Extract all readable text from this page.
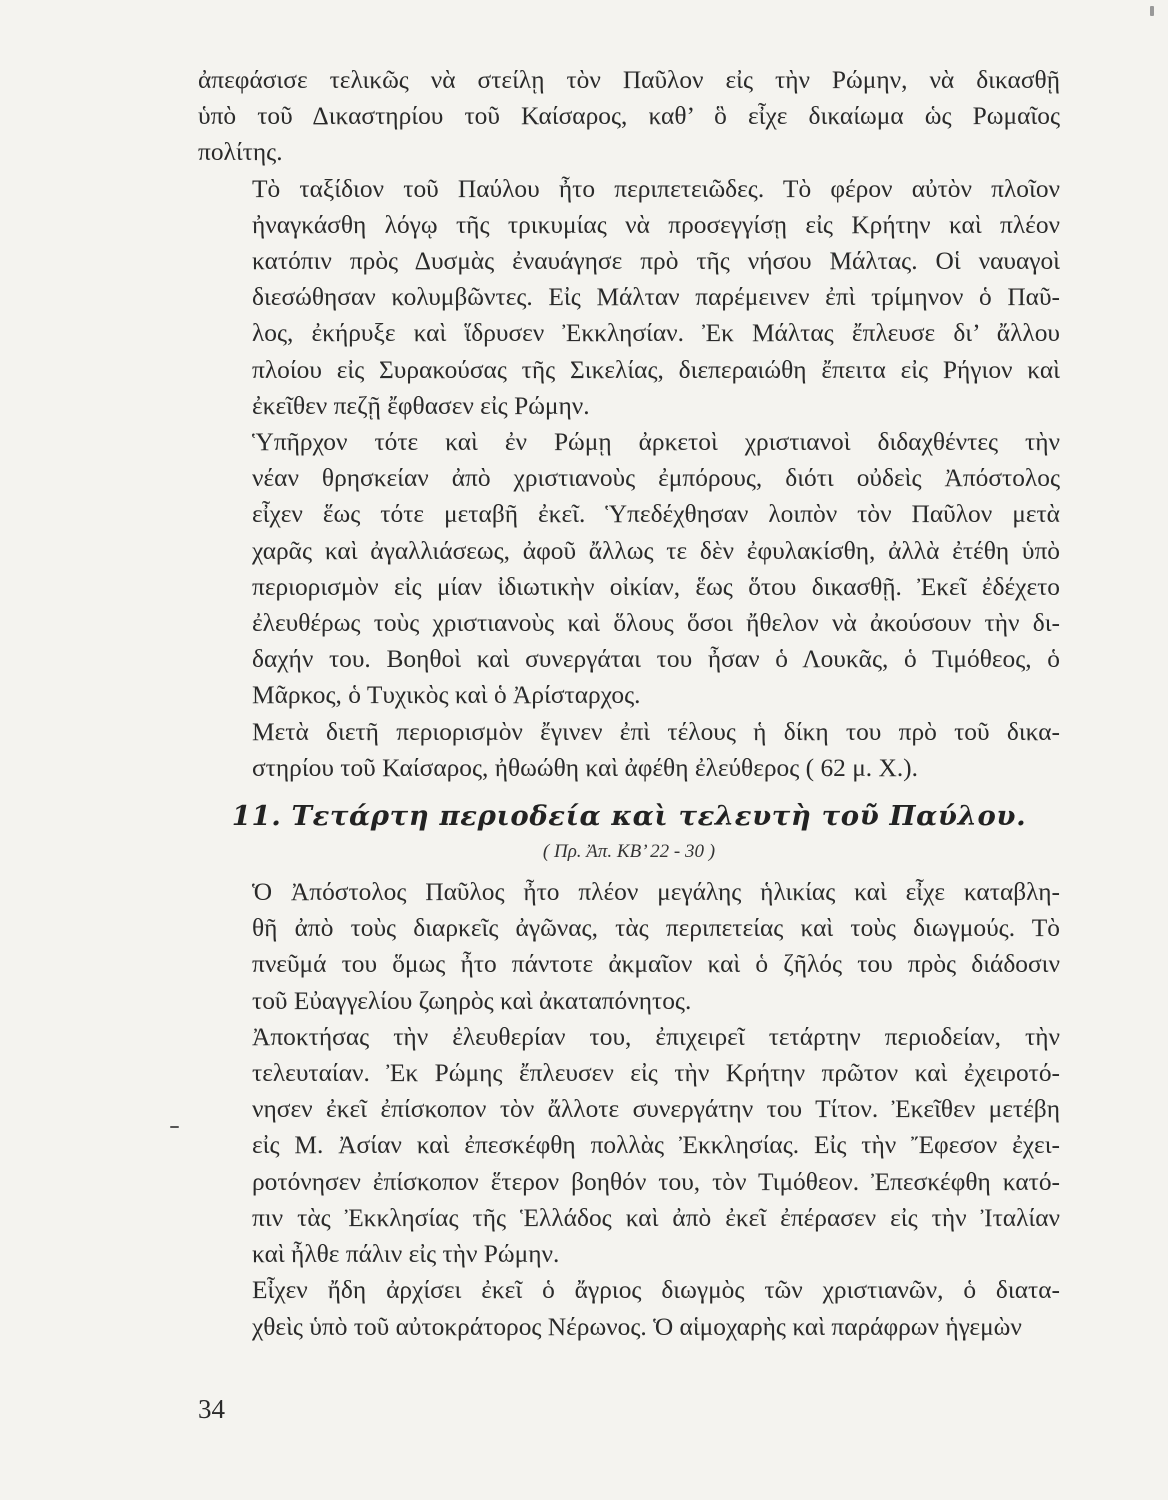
ἀπεφάσισε τελικῶς νὰ στείλῃ τὸν Παῦλον εἰς τὴν Ρώμην, νὰ δικασθῇ
ὑπὸ τοῦ Δικαστηρίου τοῦ Καίσαρος, καθ’ ὃ εἶχε δικαίωμα ὡς Ρωμαῖος
πολίτης.

Τὸ ταξίδιον τοῦ Παύλου ἦτο περιπετειῶδες. Τὸ φέρον αὐτὸν πλοῖον
ἠναγκάσθη λόγῳ τῆς τρικυμίας νὰ προσεγγίσῃ εἰς Κρήτην καὶ πλέον
κατόπιν πρὸς Δυσμὰς ἐναυάγησε πρὸ τῆς νήσου Μάλτας. Οἱ ναυαγοὶ
διεσώθησαν κολυμβῶντες. Εἰς Μάλταν παρέμεινεν ἐπὶ τρίμηνον ὁ Παῦ-
λος, ἐκήρυξε καὶ ἵδρυσεν Ἐκκλησίαν. Ἐκ Μάλτας ἔπλευσε δι’ ἄλλου
πλοίου εἰς Συρακούσας τῆς Σικελίας, διεπεραιώθη ἔπειτα εἰς Ρήγιον καὶ
ἐκεῖθεν πεζῇ ἔφθασεν εἰς Ρώμην.

Ὑπῆρχον τότε καὶ ἐν Ρώμῃ ἀρκετοὶ χριστιανοὶ διδαχθέντες τὴν
νέαν θρησκείαν ἀπὸ χριστιανοὺς ἐμπόρους, διότι οὐδεὶς Ἀπόστολος
εἶχεν ἕως τότε μεταβῆ ἐκεῖ. Ὑπεδέχθησαν λοιπὸν τὸν Παῦλον μετὰ
χαρᾶς καὶ ἀγαλλιάσεως, ἀφοῦ ἄλλως τε δὲν ἐφυλακίσθη, ἀλλὰ ἐτέθη ὑπὸ
περιορισμὸν εἰς μίαν ἰδιωτικὴν οἰκίαν, ἕως ὅτου δικασθῇ. Ἐκεῖ ἐδέχετο
ἐλευθέρως τοὺς χριστιανοὺς καὶ ὅλους ὅσοι ἤθελον νὰ ἀκούσουν τὴν δι-
δαχήν του. Βοηθοὶ καὶ συνεργάται του ἦσαν ὁ Λουκᾶς, ὁ Τιμόθεος, ὁ
Μᾶρκος, ὁ Τυχικὸς καὶ ὁ Ἀρίσταρχος.

Μετὰ διετῆ περιορισμὸν ἔγινεν ἐπὶ τέλους ἡ δίκη του πρὸ τοῦ δικα-
στηρίου τοῦ Καίσαρος, ἠθωώθη καὶ ἀφέθη ἐλεύθερος ( 62 μ. Χ.).

11. Τετάρτη περιοδεία καὶ τελευτὴ τοῦ Παύλου.
( Πρ. Ἀπ. ΚΒ’ 22 - 30 )

Ὁ Ἀπόστολος Παῦλος ἦτο πλέον μεγάλης ἡλικίας καὶ εἶχε καταβλη-
θῆ ἀπὸ τοὺς διαρκεῖς ἀγῶνας, τὰς περιπετείας καὶ τοὺς διωγμούς. Τὸ
πνεῦμά του ὅμως ἦτο πάντοτε ἀκμαῖον καὶ ὁ ζῆλός του πρὸς διάδοσιν
τοῦ Εὐαγγελίου ζωηρὸς καὶ ἀκαταπόνητος.

Ἀποκτήσας τὴν ἐλευθερίαν του, ἐπιχειρεῖ τετάρτην περιοδείαν, τὴν
τελευταίαν. Ἐκ Ρώμης ἔπλευσεν εἰς τὴν Κρήτην πρῶτον καὶ ἐχειροτό-
νησεν ἐκεῖ ἐπίσκοπον τὸν ἄλλοτε συνεργάτην του Τίτον. Ἐκεῖθεν μετέβη
εἰς Μ. Ἀσίαν καὶ ἐπεσκέφθη πολλὰς Ἐκκλησίας. Εἰς τὴν Ἔφεσον ἐχει-
ροτόνησεν ἐπίσκοπον ἕτερον βοηθόν του, τὸν Τιμόθεον. Ἐπεσκέφθη κατό-
πιν τὰς Ἐκκλησίας τῆς Ἑλλάδος καὶ ἀπὸ ἐκεῖ ἐπέρασεν εἰς τὴν Ἰταλίαν
καὶ ἦλθε πάλιν εἰς τὴν Ρώμην.

Εἶχεν ἤδη ἀρχίσει ἐκεῖ ὁ ἄγριος διωγμὸς τῶν χριστιανῶν, ὁ διατα-
χθεὶς ὑπὸ τοῦ αὐτοκράτορος Νέρωνος. Ὁ αἱμοχαρὴς καὶ παράφρων ἡγεμὼν

34
